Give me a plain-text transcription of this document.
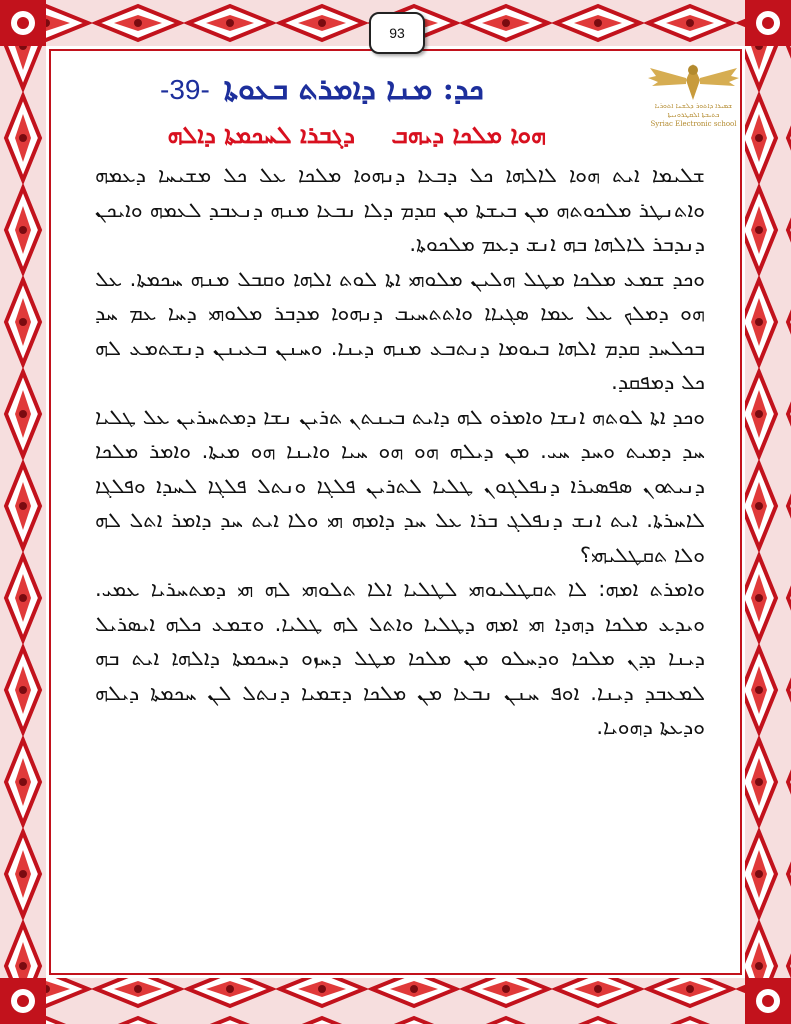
93
ܫܡܝܪܐ ܕܐܬܘܪ ܕܠܫܢܐ ܐܬܘܪܝܐ
ܟܬܝܒܬܐ ܐܠܩܛܪܘܢܝܬܐ
Syriac Electronic school
ܟܕ: ܡܢܐ ܕܐܡܪܬ ܒܥܘܬܐ
-39-
ܗܘܐ ܡܠܟܐ ܕܝܗܒ ܕܓܒܪܐ ܠܚܟܡܬܐ ܕܐܠܗ

ܫܠܝܡܐ ܐܝܬ ܗܘܐ ܠܐܠܗܐ ܟܠ ܕܒܥܐ ܕܢܗܘܐ ܡܠܟܐ ܥܠ ܟܠ ܡܫܝܚܐ ܕܥܡܗ ܘܐܬܢܛܪ ܡܠܟܘܬܗ ܡܢ ܒܝܫܬܐ ܡܢ ܩܕܡ ܕܠܐ ܢܒܥܐ ܡܢܗ ܕܢܥܒܕ ܠܥܡܗ ܘܐܝܟܢ ܕܢܕܒܪ ܠܐܠܗܐ ܒܗ ܐܢܫ ܕܥܡ ܡܠܟܘܬܐ.

ܘܟܕ ܫܡܥ ܡܠܟܐ ܡܛܠ ܗܠܝܢ ܡܠܘܗܝ ܐܬܐ ܠܘܬ ܐܠܗܐ ܘܩܒܠ ܡܢܗ ܚܟܡܬܐ. ܥܠ ܗܘ ܕܡܠܟ ܥܠ ܥܡܐ ܣܓܝܐܐ ܘܐܬܬܚܝܒ ܕܢܗܘܐ ܡܕܒܪ ܡܠܘܗܝ ܕܚܐ ܥܡ ܚܕ ܒܟܠܚܕ ܩܕܡ ܐܠܗܐ ܒܝܘܡܐ ܕܢܬܒܥ ܡܢܗ ܕܝܢܐ. ܘܚܢܢ ܒܥܝܢܢ ܕܢܫܬܡܥ ܠܗ ܟܠ ܕܡܦܩܕ.

ܘܟܕ ܐܬܐ ܠܘܬܗ ܐܢܫܐ ܘܐܡܪܘ ܠܗ ܕܐܝܬ ܒܝܢܬܢ ܬܪܝܢ ܢܫܐ ܕܡܬܚܪܝܢ ܥܠ ܛܠܝܐ ܚܕ ܕܡܝܬ ܘܚܕ ܚܝ. ܡܢ ܕܝܠܗ ܗܘ ܗܘ ܚܝܐ ܘܐܝܢܐ ܗܘ ܡܝܬܐ. ܘܐܡܪ ܡܠܟܐ ܕܢܝܬܘܢ ܣܦܣܝܪܐ ܕܢܦܠܓܘܢ ܛܠܝܐ ܠܬܪܝܢ ܦܠܓܐ ܘܢܬܠ ܦܠܓܐ ܠܚܕܐ ܘܦܠܓܐ ܠܐܚܪܬܐ. ܐܝܬ ܐܢܫ ܕܢܦܠܓ ܒܪܐ ܥܠ ܚܕ ܕܐܡܗ ܗܝ ܘܠܐ ܐܝܬ ܚܕ ܕܐܡܪ ܐܬܠ ܠܗ ܘܠܐ ܬܩܛܠܝܗܝ؟

ܘܐܡܪܬ ܐܡܗ: ܠܐ ܬܩܛܠܝܘܗܝ ܠܛܠܝܐ ܐܠܐ ܬܠܘܗܝ ܠܗ ܗܝ ܕܡܬܚܪܝܐ ܥܡܝ. ܘܝܕܥ ܡܠܟܐ ܕܗܕܐ ܗܝ ܐܡܗ ܕܛܠܝܐ ܘܐܬܠ ܠܗ ܛܠܝܐ. ܘܫܡܥ ܟܠܗ ܐܝܣܪܝܠ ܕܝܢܐ ܕܕܢ ܡܠܟܐ ܘܕܚܠܘ ܡܢ ܡܠܟܐ ܡܛܠ ܕܚܙܘ ܕܚܟܡܬܐ ܕܐܠܗܐ ܐܝܬ ܒܗ ܠܡܥܒܕ ܕܝܢܐ. ܐܘܦ ܚܢܢ ܢܒܥܐ ܡܢ ܡܠܟܐ ܕܫܡܝܐ ܕܢܬܠ ܠܢ ܚܟܡܬܐ ܕܝܠܗ ܘܕܥܬܐ ܕܗܘܝܐ.
